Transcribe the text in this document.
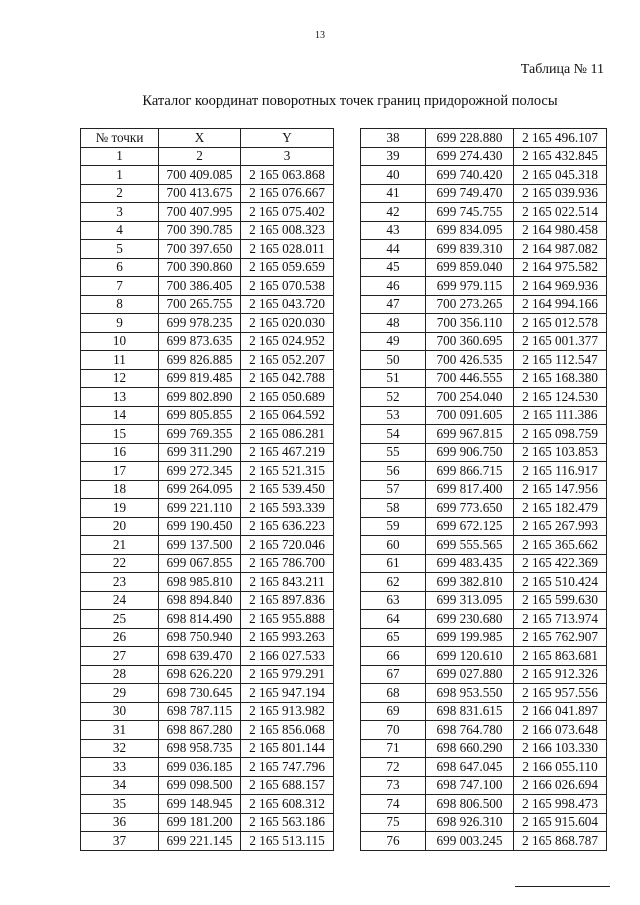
13
Таблица № 11
Каталог координат поворотных точек границ придорожной полосы
№ точки	X	Y
1	2	3
1	700 409.085	2 165 063.868
2	700 413.675	2 165 076.667
3	700 407.995	2 165 075.402
4	700 390.785	2 165 008.323
5	700 397.650	2 165 028.011
6	700 390.860	2 165 059.659
7	700 386.405	2 165 070.538
8	700 265.755	2 165 043.720
9	699 978.235	2 165 020.030
10	699 873.635	2 165 024.952
11	699 826.885	2 165 052.207
12	699 819.485	2 165 042.788
13	699 802.890	2 165 050.689
14	699 805.855	2 165 064.592
15	699 769.355	2 165 086.281
16	699 311.290	2 165 467.219
17	699 272.345	2 165 521.315
18	699 264.095	2 165 539.450
19	699 221.110	2 165 593.339
20	699 190.450	2 165 636.223
21	699 137.500	2 165 720.046
22	699 067.855	2 165 786.700
23	698 985.810	2 165 843.211
24	698 894.840	2 165 897.836
25	698 814.490	2 165 955.888
26	698 750.940	2 165 993.263
27	698 639.470	2 166 027.533
28	698 626.220	2 165 979.291
29	698 730.645	2 165 947.194
30	698 787.115	2 165 913.982
31	698 867.280	2 165 856.068
32	698 958.735	2 165 801.144
33	699 036.185	2 165 747.796
34	699 098.500	2 165 688.157
35	699 148.945	2 165 608.312
36	699 181.200	2 165 563.186
37	699 221.145	2 165 513.115
38	699 228.880	2 165 496.107
39	699 274.430	2 165 432.845
40	699 740.420	2 165 045.318
41	699 749.470	2 165 039.936
42	699 745.755	2 165 022.514
43	699 834.095	2 164 980.458
44	699 839.310	2 164 987.082
45	699 859.040	2 164 975.582
46	699 979.115	2 164 969.936
47	700 273.265	2 164 994.166
48	700 356.110	2 165 012.578
49	700 360.695	2 165 001.377
50	700 426.535	2 165 112.547
51	700 446.555	2 165 168.380
52	700 254.040	2 165 124.530
53	700 091.605	2 165 111.386
54	699 967.815	2 165 098.759
55	699 906.750	2 165 103.853
56	699 866.715	2 165 116.917
57	699 817.400	2 165 147.956
58	699 773.650	2 165 182.479
59	699 672.125	2 165 267.993
60	699 555.565	2 165 365.662
61	699 483.435	2 165 422.369
62	699 382.810	2 165 510.424
63	699 313.095	2 165 599.630
64	699 230.680	2 165 713.974
65	699 199.985	2 165 762.907
66	699 120.610	2 165 863.681
67	699 027.880	2 165 912.326
68	698 953.550	2 165 957.556
69	698 831.615	2 166 041.897
70	698 764.780	2 166 073.648
71	698 660.290	2 166 103.330
72	698 647.045	2 166 055.110
73	698 747.100	2 166 026.694
74	698 806.500	2 165 998.473
75	698 926.310	2 165 915.604
76	699 003.245	2 165 868.787
